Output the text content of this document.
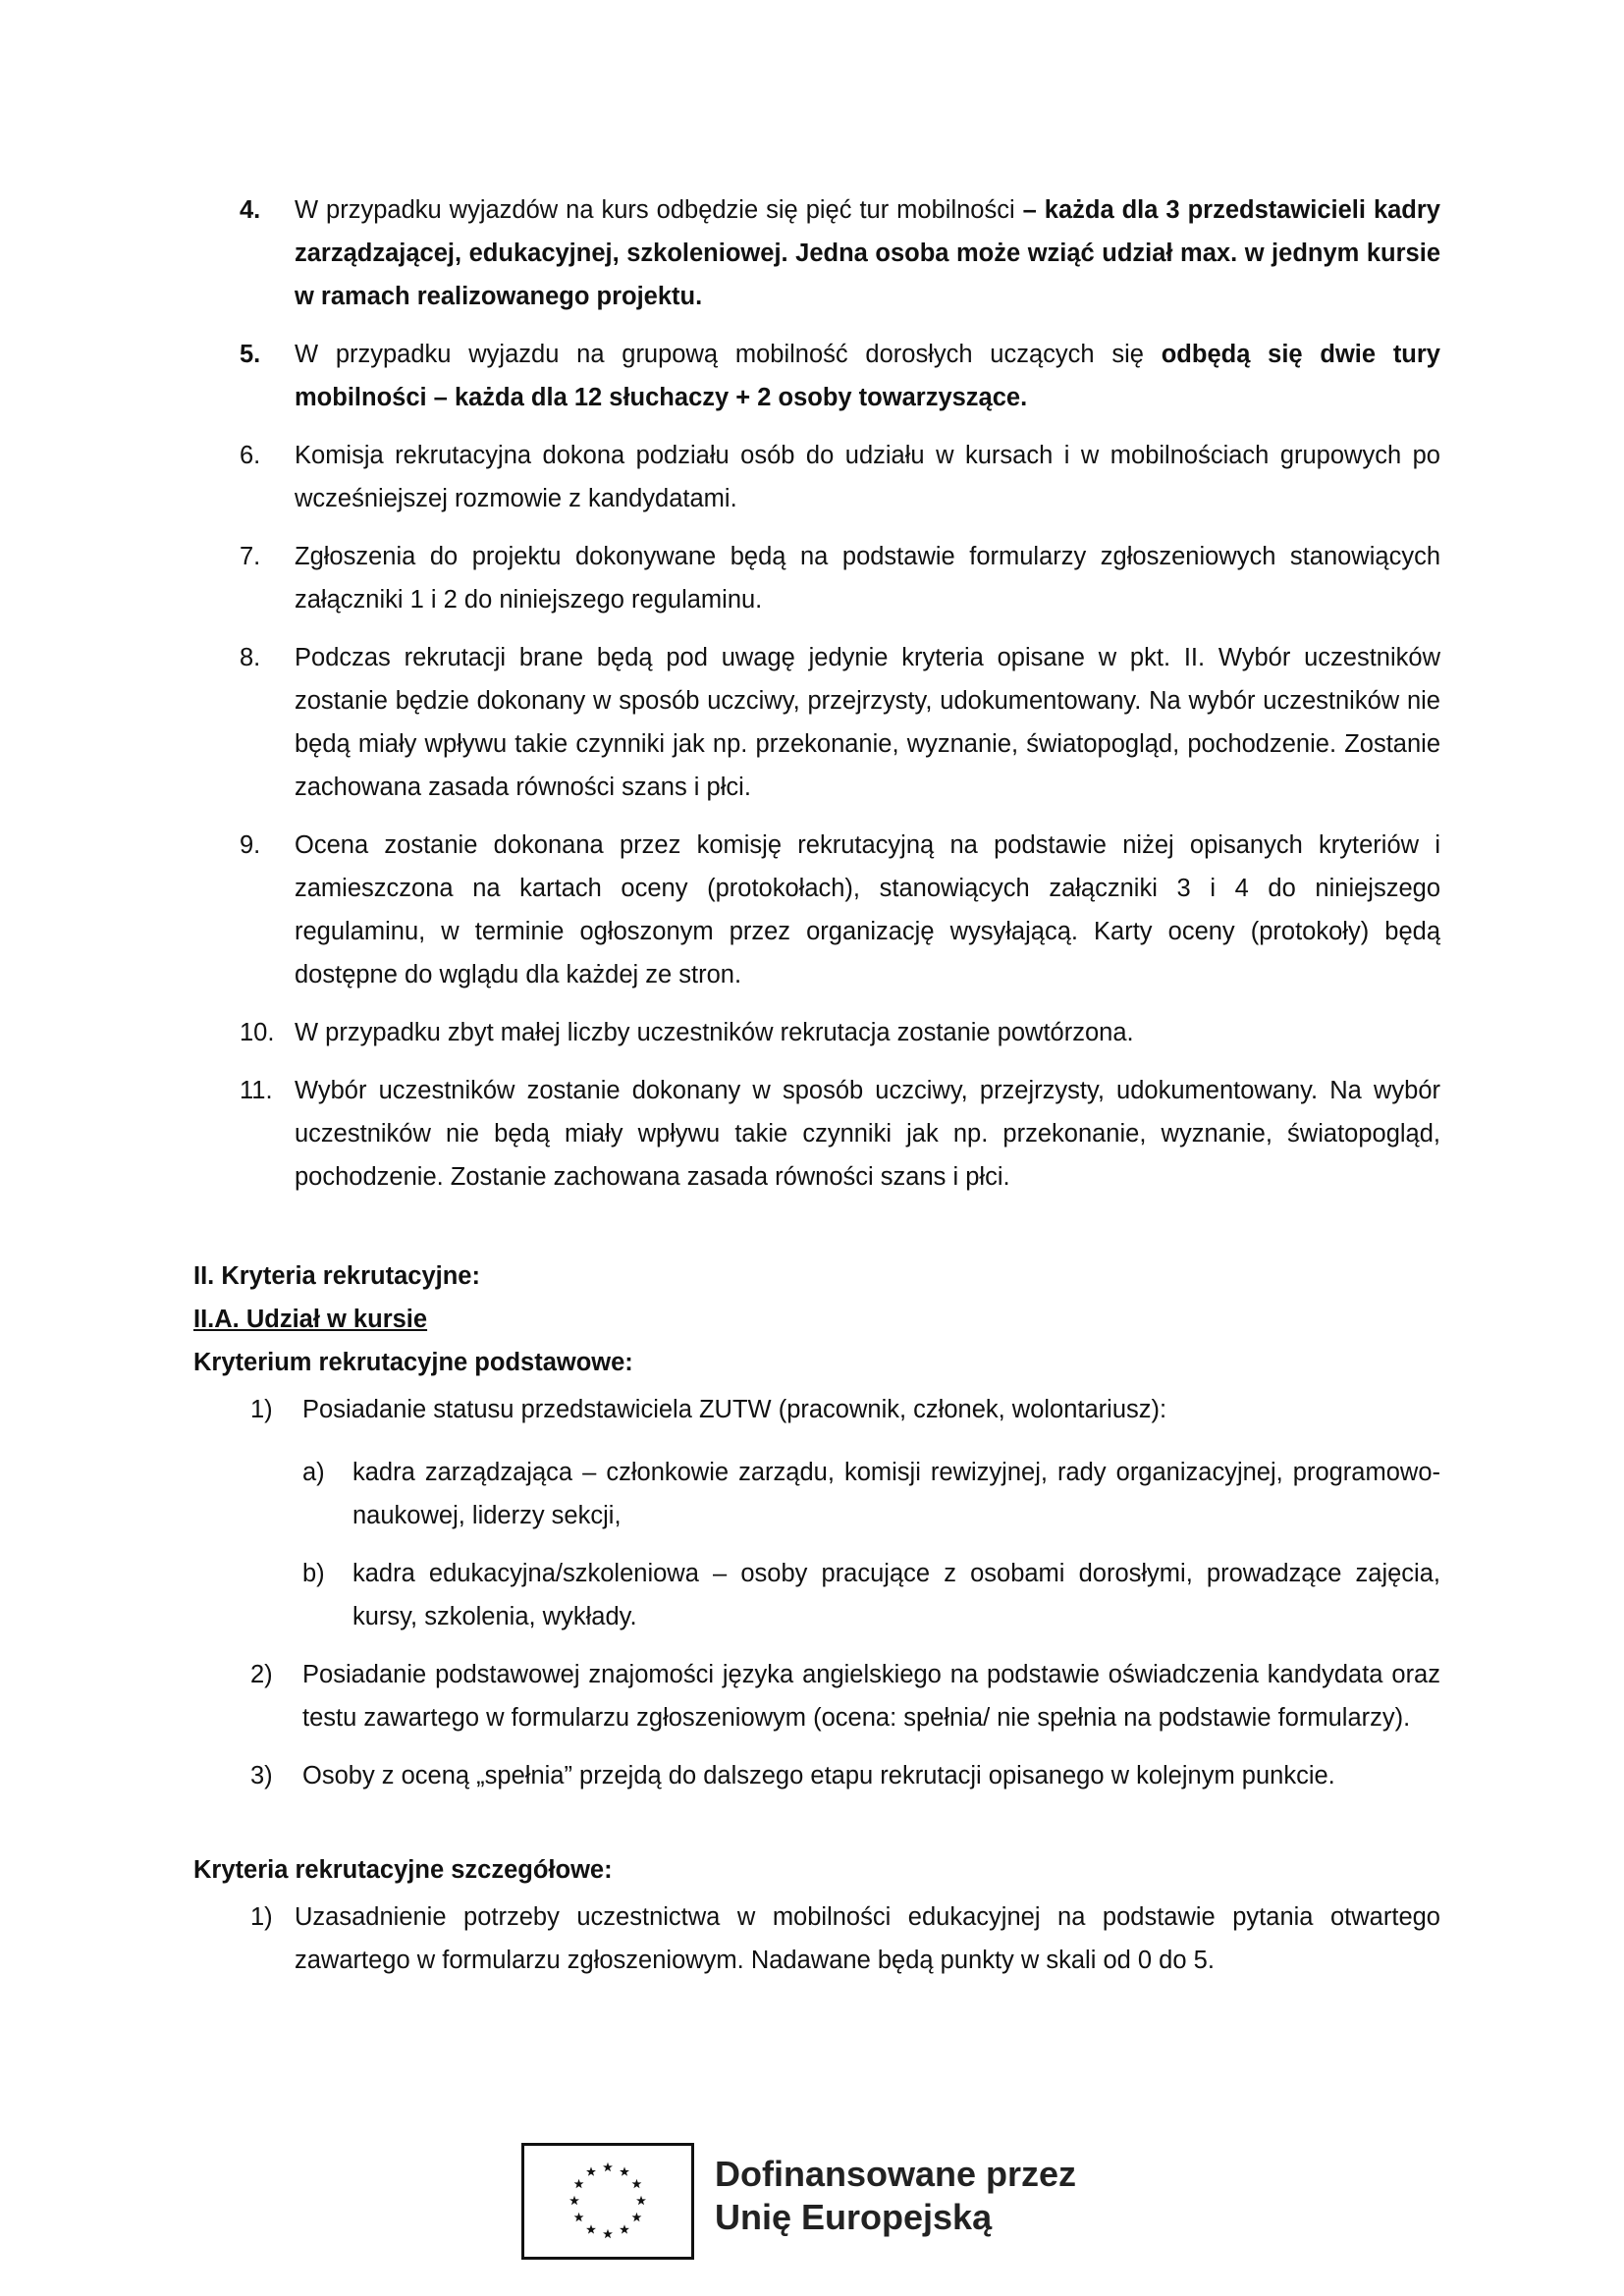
4. W przypadku wyjazdów na kurs odbędzie się pięć tur mobilności – każda dla 3 przedstawicieli kadry zarządzającej, edukacyjnej, szkoleniowej. Jedna osoba może wziąć udział max. w jednym kursie w ramach realizowanego projektu.
5. W przypadku wyjazdu na grupową mobilność dorosłych uczących się odbędą się dwie tury mobilności – każda dla 12 słuchaczy + 2 osoby towarzyszące.
6. Komisja rekrutacyjna dokona podziału osób do udziału w kursach i w mobilnościach grupowych po wcześniejszej rozmowie z kandydatami.
7. Zgłoszenia do projektu dokonywane będą na podstawie formularzy zgłoszeniowych stanowiących załączniki 1 i 2 do niniejszego regulaminu.
8. Podczas rekrutacji brane będą pod uwagę jedynie kryteria opisane w pkt. II. Wybór uczestników zostanie będzie dokonany w sposób uczciwy, przejrzysty, udokumentowany. Na wybór uczestników nie będą miały wpływu takie czynniki jak np. przekonanie, wyznanie, światopogląd, pochodzenie. Zostanie zachowana zasada równości szans i płci.
9. Ocena zostanie dokonana przez komisję rekrutacyjną na podstawie niżej opisanych kryteriów i zamieszczona na kartach oceny (protokołach), stanowiących załączniki 3 i 4 do niniejszego regulaminu, w terminie ogłoszonym przez organizację wysyłającą. Karty oceny (protokoły) będą dostępne do wglądu dla każdej ze stron.
10. W przypadku zbyt małej liczby uczestników rekrutacja zostanie powtórzona.
11. Wybór uczestników zostanie dokonany w sposób uczciwy, przejrzysty, udokumentowany. Na wybór uczestników nie będą miały wpływu takie czynniki jak np. przekonanie, wyznanie, światopogląd, pochodzenie. Zostanie zachowana zasada równości szans i płci.
II. Kryteria rekrutacyjne:
II.A. Udział w kursie
Kryterium rekrutacyjne podstawowe:
1) Posiadanie statusu przedstawiciela ZUTW (pracownik, członek, wolontariusz):
a) kadra zarządzająca – członkowie zarządu, komisji rewizyjnej, rady organizacyjnej, programowo-naukowej, liderzy sekcji,
b) kadra edukacyjna/szkoleniowa – osoby pracujące z osobami dorosłymi, prowadzące zajęcia, kursy, szkolenia, wykłady.
2) Posiadanie podstawowej znajomości języka angielskiego na podstawie oświadczenia kandydata oraz testu zawartego w formularzu zgłoszeniowym (ocena: spełnia/ nie spełnia na podstawie formularzy).
3) Osoby z oceną „spełnia” przejdą do dalszego etapu rekrutacji opisanego w kolejnym punkcie.
Kryteria rekrutacyjne szczegółowe:
1) Uzasadnienie potrzeby uczestnictwa w mobilności edukacyjnej na podstawie pytania otwartego zawartego w formularzu zgłoszeniowym. Nadawane będą punkty w skali od 0 do 5.
Dofinansowane przez
Unię Europejską
